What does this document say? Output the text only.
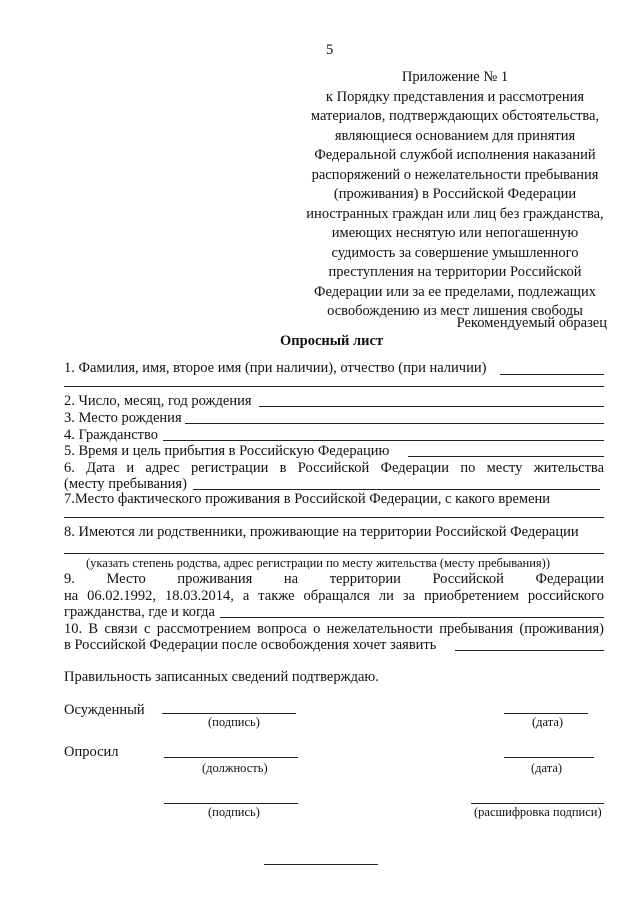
5
Приложение № 1
к Порядку представления и рассмотрения
материалов, подтверждающих обстоятельства,
являющиеся основанием для принятия
Федеральной службой исполнения наказаний
распоряжений о нежелательности пребывания
(проживания) в Российской Федерации
иностранных граждан или лиц без гражданства,
имеющих неснятую или непогашенную
судимость за совершение умышленного
преступления на территории Российской
Федерации или за ее пределами, подлежащих
освобождению из мест лишения свободы
Рекомендуемый образец
Опросный лист
1. Фамилия, имя, второе имя (при наличии), отчество (при наличии)
2. Число, месяц, год рождения
3. Место рождения
4. Гражданство
5. Время и цель прибытия в Российскую Федерацию
6. Дата и адрес регистрации в Российской Федерации по месту жительства
(месту пребывания)
7.Место фактического проживания в Российской Федерации, с какого времени
8. Имеются ли родственники, проживающие на территории Российской Федерации
(указать степень родства, адрес регистрации по месту жительства (месту пребывания))
9. Место проживания на территории Российской Федерации
на 06.02.1992, 18.03.2014, а также обращался ли за приобретением российского
гражданства, где и когда
10. В связи с рассмотрением вопроса о нежелательности пребывания (проживания)
в Российской Федерации после освобождения хочет заявить
Правильность записанных сведений подтверждаю.
Осужденный
(подпись)	(дата)
Опросил
(должность)	(дата)
(подпись)	(расшифровка подписи)
